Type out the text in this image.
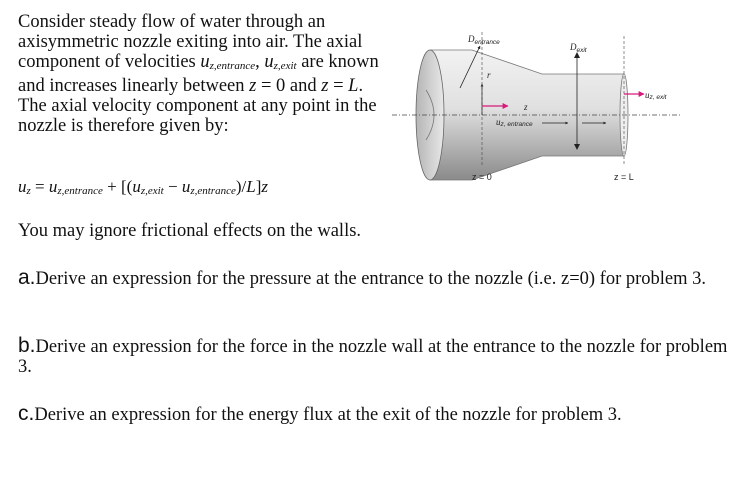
Consider steady flow of water through an axisymmetric nozzle exiting into air. The axial component of velocities $u_{z,entrance}$, $u_{z,exit}$ are known and increases linearly between z = 0 and z = L. The axial velocity component at any point in the nozzle is therefore given by:
$u_z = u_{z,entrance} + [(u_{z,exit} - u_{z,entrance})/L]z$
You may ignore frictional effects on the walls.
a.Derive an expression for the pressure at the entrance to the nozzle (i.e. z=0) for problem 3.
b.Derive an expression for the force in the nozzle wall at the entrance to the nozzle for problem 3.
c.Derive an expression for the energy flux at the exit of the nozzle for problem 3.
$D_{entrance}$	$D_{exit}$
r
z
uz, entrance
uz, exit
z = 0	z = L
